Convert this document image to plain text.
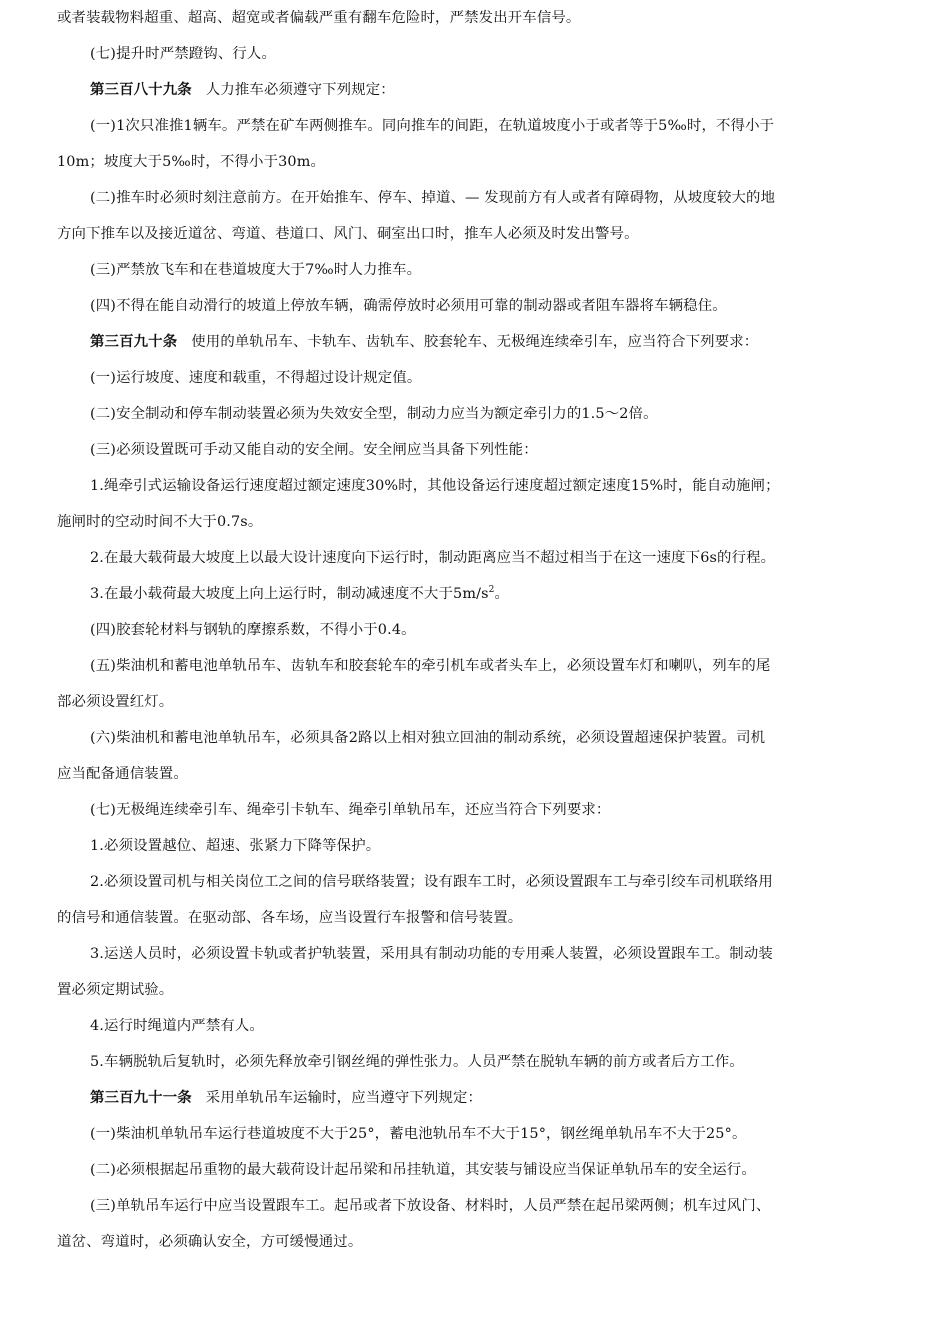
或者装载物料超重、超高、超宽或者偏载严重有翻车危险时，严禁发出开车信号。
(七)提升时严禁蹬钩、行人。
第三百八十九条 人力推车必须遵守下列规定：
(一)1次只准推1辆车。严禁在矿车两侧推车。同向推车的间距，在轨道坡度小于或者等于5‰时，不得小于
10m；坡度大于5‰时，不得小于30m。
(二)推车时必须时刻注意前方。在开始推车、停车、掉道、— 发现前方有人或者有障碍物，从坡度较大的地
方向下推车以及接近道岔、弯道、巷道口、风门、硐室出口时，推车人必须及时发出警号。
(三)严禁放飞车和在巷道坡度大于7‰时人力推车。
(四)不得在能自动滑行的坡道上停放车辆，确需停放时必须用可靠的制动器或者阻车器将车辆稳住。
第三百九十条 使用的单轨吊车、卡轨车、齿轨车、胶套轮车、无极绳连续牵引车，应当符合下列要求：
(一)运行坡度、速度和载重，不得超过设计规定值。
(二)安全制动和停车制动装置必须为失效安全型，制动力应当为额定牵引力的1.5～2倍。
(三)必须设置既可手动又能自动的安全闸。安全闸应当具备下列性能：
1.绳牵引式运输设备运行速度超过额定速度30%时，其他设备运行速度超过额定速度15%时，能自动施闸；
施闸时的空动时间不大于0.7s。
2.在最大载荷最大坡度上以最大设计速度向下运行时，制动距离应当不超过相当于在这一速度下6s的行程。
3.在最小载荷最大坡度上向上运行时，制动减速度不大于$5m/s^2$。
(四)胶套轮材料与钢轨的摩擦系数，不得小于0.4。
(五)柴油机和蓄电池单轨吊车、齿轨车和胶套轮车的牵引机车或者头车上，必须设置车灯和喇叭，列车的尾
部必须设置红灯。
(六)柴油机和蓄电池单轨吊车，必须具备2路以上相对独立回油的制动系统，必须设置超速保护装置。司机
应当配备通信装置。
(七)无极绳连续牵引车、绳牵引卡轨车、绳牵引单轨吊车，还应当符合下列要求：
1.必须设置越位、超速、张紧力下降等保护。
2.必须设置司机与相关岗位工之间的信号联络装置；设有跟车工时，必须设置跟车工与牵引绞车司机联络用
的信号和通信装置。在驱动部、各车场，应当设置行车报警和信号装置。
3.运送人员时，必须设置卡轨或者护轨装置，采用具有制动功能的专用乘人装置，必须设置跟车工。制动装
置必须定期试验。
4.运行时绳道内严禁有人。
5.车辆脱轨后复轨时，必须先释放牵引钢丝绳的弹性张力。人员严禁在脱轨车辆的前方或者后方工作。
第三百九十一条 采用单轨吊车运输时，应当遵守下列规定：
(一)柴油机单轨吊车运行巷道坡度不大于25°，蓄电池轨吊车不大于15°，钢丝绳单轨吊车不大于25°。
(二)必须根据起吊重物的最大载荷设计起吊梁和吊挂轨道，其安装与铺设应当保证单轨吊车的安全运行。
(三)单轨吊车运行中应当设置跟车工。起吊或者下放设备、材料时，人员严禁在起吊梁两侧；机车过风门、
道岔、弯道时，必须确认安全，方可缓慢通过。
